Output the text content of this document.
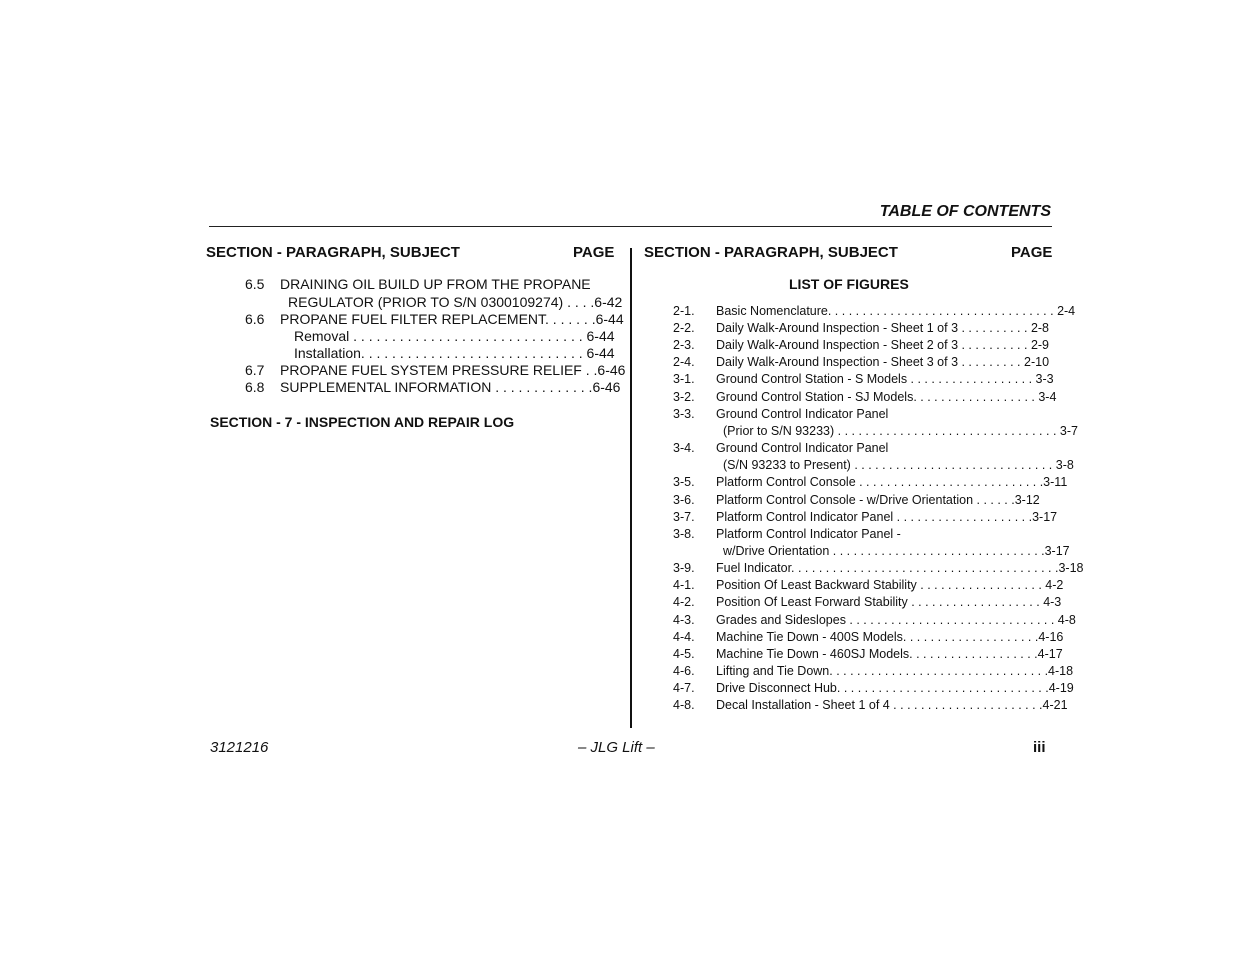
TABLE OF CONTENTS
SECTION - PARAGRAPH, SUBJECT	PAGE
6.5 DRAINING OIL BUILD UP FROM THE PROPANE
REGULATOR (PRIOR TO S/N 0300109274) . . . .6-42
6.6 PROPANE FUEL FILTER REPLACEMENT. . . . . . .6-44
Removal . . . . . . . . . . . . . . . . . . . . . . . . . . . . . . 6-44
Installation. . . . . . . . . . . . . . . . . . . . . . . . . . . . . 6-44
6.7 PROPANE FUEL SYSTEM PRESSURE RELIEF . .6-46
6.8 SUPPLEMENTAL INFORMATION . . . . . . . . . . . . .6-46
SECTION - 7 - INSPECTION AND REPAIR LOG
SECTION - PARAGRAPH, SUBJECT	PAGE
LIST OF FIGURES
2-1. Basic Nomenclature. . . . . . . . . . . . . . . . . . . . . . . . . . . . . . . . . 2-4
2-2. Daily Walk-Around Inspection - Sheet 1 of 3 . . . . . . . . . . 2-8
2-3. Daily Walk-Around Inspection - Sheet 2 of 3 . . . . . . . . . . 2-9
2-4. Daily Walk-Around Inspection - Sheet 3 of 3 . . . . . . . . . 2-10
3-1. Ground Control Station - S Models . . . . . . . . . . . . . . . . . . 3-3
3-2. Ground Control Station - SJ Models. . . . . . . . . . . . . . . . . . 3-4
3-3. Ground Control Indicator Panel
(Prior to S/N 93233) . . . . . . . . . . . . . . . . . . . . . . . . . . . . . . . . 3-7
3-4. Ground Control Indicator Panel
(S/N 93233 to Present) . . . . . . . . . . . . . . . . . . . . . . . . . . . . . 3-8
3-5. Platform Control Console . . . . . . . . . . . . . . . . . . . . . . . . . . .3-11
3-6. Platform Control Console - w/Drive Orientation . . . . . .3-12
3-7. Platform Control Indicator Panel . . . . . . . . . . . . . . . . . . . .3-17
3-8. Platform Control Indicator Panel -
w/Drive Orientation . . . . . . . . . . . . . . . . . . . . . . . . . . . . . . .3-17
3-9. Fuel Indicator. . . . . . . . . . . . . . . . . . . . . . . . . . . . . . . . . . . . . . .3-18
4-1. Position Of Least Backward Stability . . . . . . . . . . . . . . . . . . 4-2
4-2. Position Of Least Forward Stability . . . . . . . . . . . . . . . . . . . 4-3
4-3. Grades and Sideslopes . . . . . . . . . . . . . . . . . . . . . . . . . . . . . . 4-8
4-4. Machine Tie Down - 400S Models. . . . . . . . . . . . . . . . . . . .4-16
4-5. Machine Tie Down - 460SJ Models. . . . . . . . . . . . . . . . . . .4-17
4-6. Lifting and Tie Down. . . . . . . . . . . . . . . . . . . . . . . . . . . . . . . .4-18
4-7. Drive Disconnect Hub. . . . . . . . . . . . . . . . . . . . . . . . . . . . . . .4-19
4-8. Decal Installation - Sheet 1 of 4 . . . . . . . . . . . . . . . . . . . . . .4-21
3121216	– JLG Lift –	iii
